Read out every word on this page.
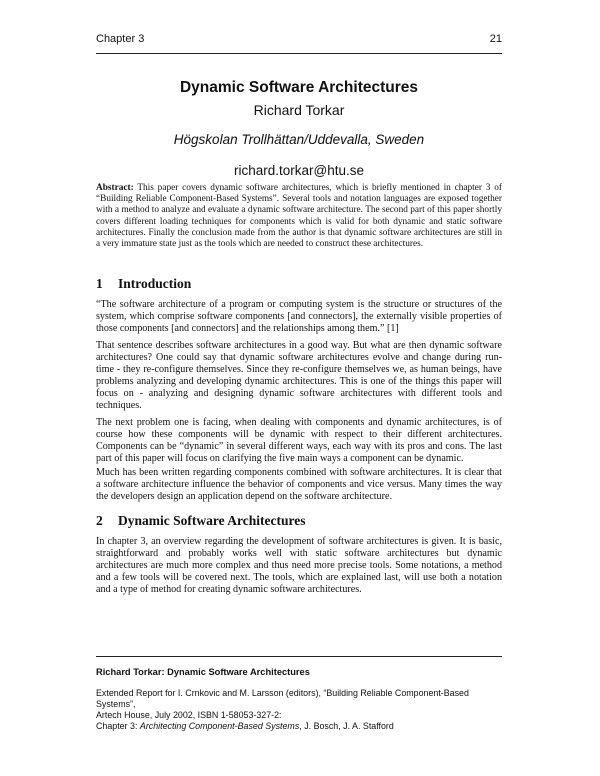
Chapter 3	21
Dynamic Software Architectures
Richard Torkar
Högskolan Trollhättan/Uddevalla, Sweden
richard.torkar@htu.se
Abstract: This paper covers dynamic software architectures, which is briefly mentioned in chapter 3 of “Building Reliable Component-Based Systems”. Several tools and notation languages are exposed together with a method to analyze and evaluate a dynamic software architecture. The second part of this paper shortly covers different loading techniques for components which is valid for both dynamic and static software architectures. Finally the conclusion made from the author is that dynamic software architectures are still in a very immature state just as the tools which are needed to construct these architectures.
1 Introduction

“The software architecture of a program or computing system is the structure or structures of the system, which comprise software components [and connectors], the externally visible properties of those components [and connectors] and the relationships among them.” [1]

That sentence describes software architectures in a good way. But what are then dynamic software architectures? One could say that dynamic software architectures evolve and change during run-time - they re-configure themselves. Since they re-configure themselves we, as human beings, have problems analyzing and developing dynamic architectures. This is one of the things this paper will focus on - analyzing and designing dynamic software architectures with different tools and techniques.

The next problem one is facing, when dealing with components and dynamic architectures, is of course how these components will be dynamic with respect to their different architectures. Components can be “dynamic” in several different ways, each way with its pros and cons. The last part of this paper will focus on clarifying the five main ways a component can be dynamic.

Much has been written regarding components combined with software architectures. It is clear that a software architecture influence the behavior of components and vice versus. Many times the way the developers design an application depend on the software architecture.

2 Dynamic Software Architectures

In chapter 3, an overview regarding the development of software architectures is given. It is basic, straightforward and probably works well with static software architectures but dynamic architectures are much more complex and thus need more precise tools. Some notations, a method and a few tools will be covered next. The tools, which are explained last, will use both a notation and a type of method for creating dynamic software architectures.

Richard Torkar: Dynamic Software Architectures
Extended Report for I. Crnkovic and M. Larsson (editors), “Building Reliable Component-Based Systems”,
Artech House, July 2002, ISBN 1-58053-327-2:
Chapter 3: Architecting Component-Based Systems, J. Bosch, J. A. Stafford
